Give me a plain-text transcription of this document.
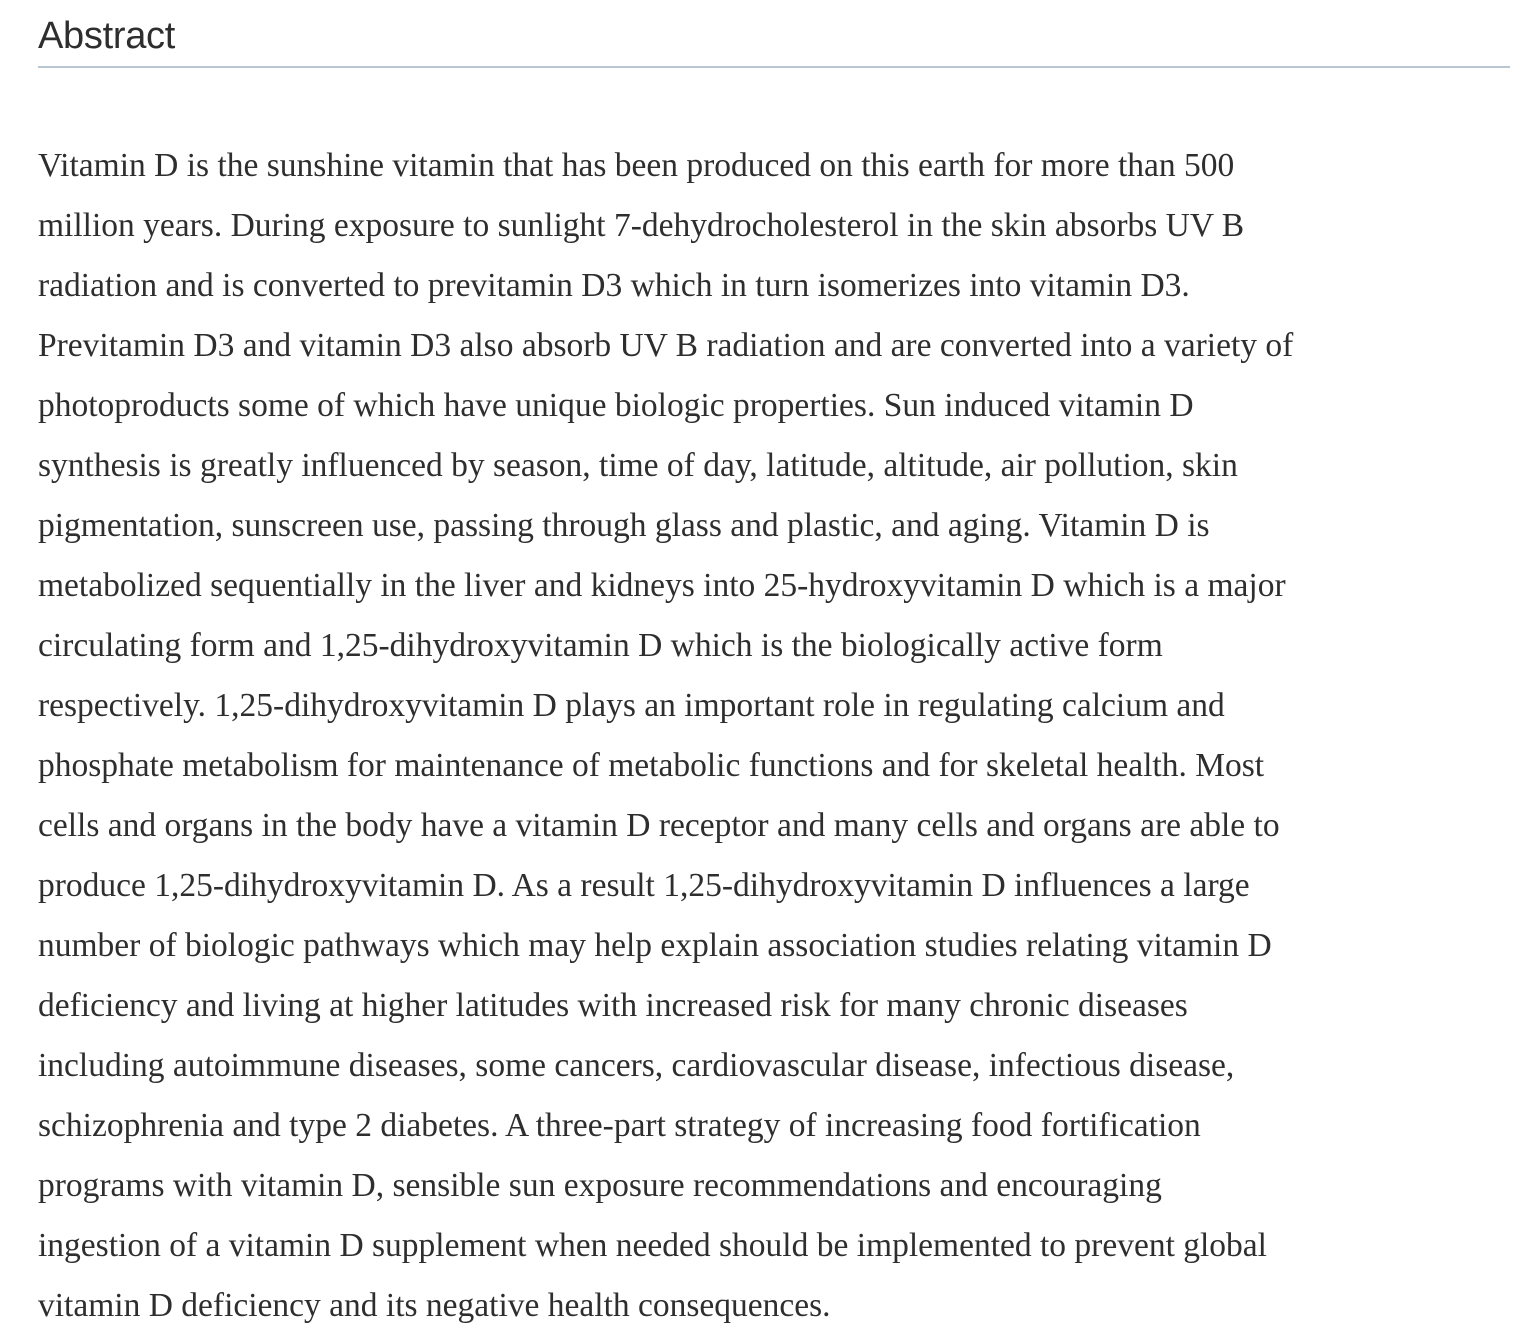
Abstract

Vitamin D is the sunshine vitamin that has been produced on this earth for more than 500
million years. During exposure to sunlight 7-dehydrocholesterol in the skin absorbs UV B
radiation and is converted to previtamin D3 which in turn isomerizes into vitamin D3.
Previtamin D3 and vitamin D3 also absorb UV B radiation and are converted into a variety of
photoproducts some of which have unique biologic properties. Sun induced vitamin D
synthesis is greatly influenced by season, time of day, latitude, altitude, air pollution, skin
pigmentation, sunscreen use, passing through glass and plastic, and aging. Vitamin D is
metabolized sequentially in the liver and kidneys into 25-hydroxyvitamin D which is a major
circulating form and 1,25-dihydroxyvitamin D which is the biologically active form
respectively. 1,25-dihydroxyvitamin D plays an important role in regulating calcium and
phosphate metabolism for maintenance of metabolic functions and for skeletal health. Most
cells and organs in the body have a vitamin D receptor and many cells and organs are able to
produce 1,25-dihydroxyvitamin D. As a result 1,25-dihydroxyvitamin D influences a large
number of biologic pathways which may help explain association studies relating vitamin D
deficiency and living at higher latitudes with increased risk for many chronic diseases
including autoimmune diseases, some cancers, cardiovascular disease, infectious disease,
schizophrenia and type 2 diabetes. A three-part strategy of increasing food fortification
programs with vitamin D, sensible sun exposure recommendations and encouraging
ingestion of a vitamin D supplement when needed should be implemented to prevent global
vitamin D deficiency and its negative health consequences.
